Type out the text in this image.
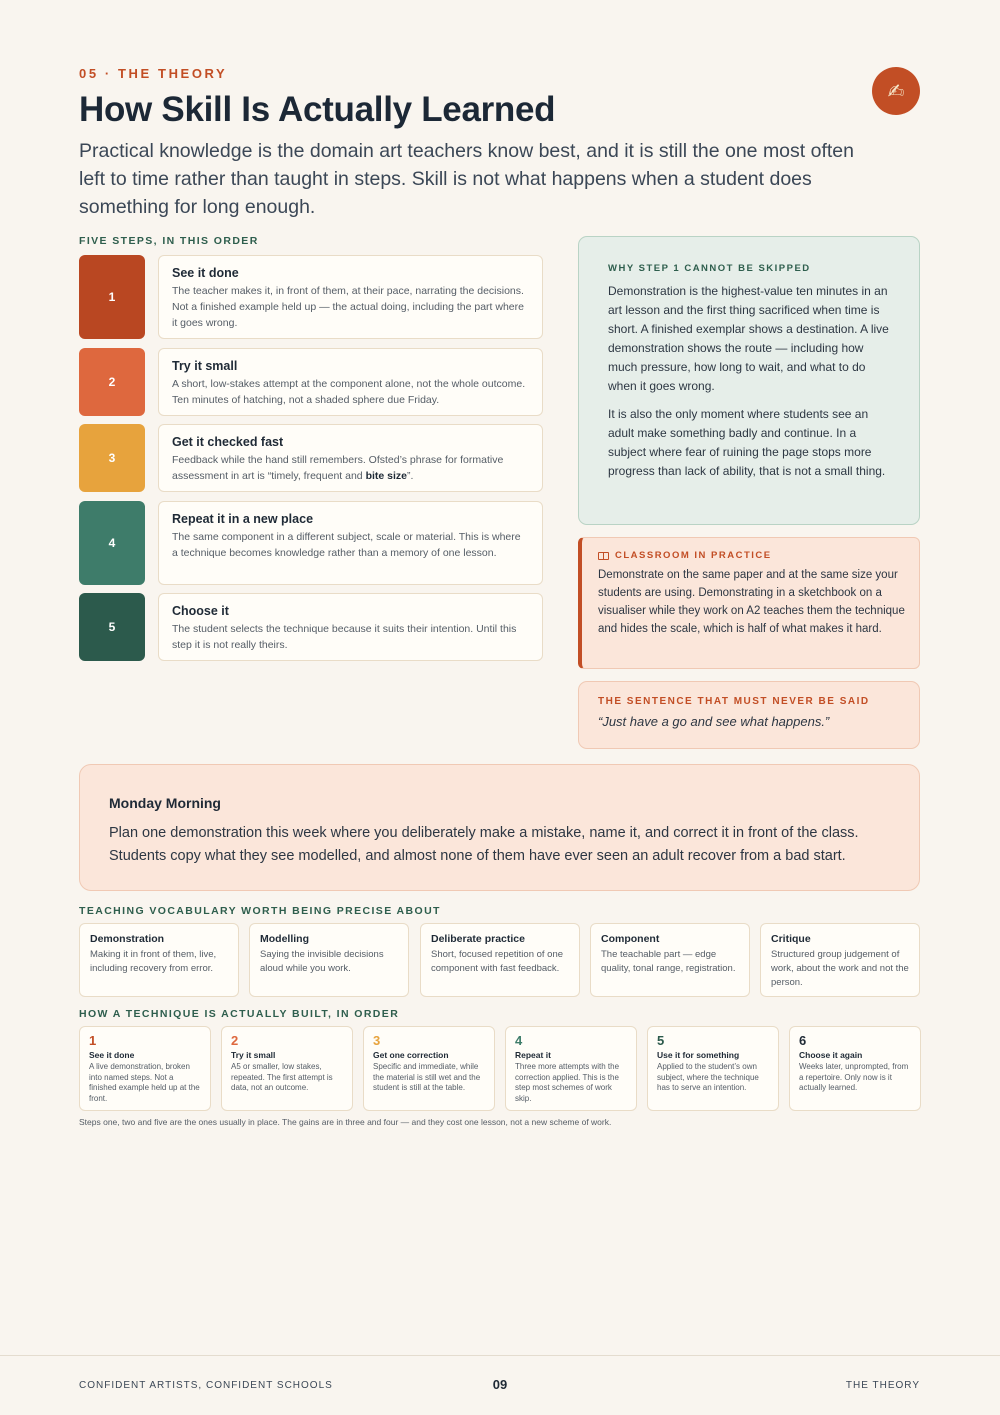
05 · THE THEORY
✍
How Skill Is Actually Learned

Practical knowledge is the domain art teachers know best, and it is still the one most often left to time rather than taught in steps. Skill is not what happens when a student does something for long enough.

FIVE STEPS, IN THIS ORDER
1
See it done
The teacher makes it, in front of them, at their pace, narrating the decisions. Not a finished example held up — the actual doing, including the part where it goes wrong.
2
Try it small
A short, low-stakes attempt at the component alone, not the whole outcome. Ten minutes of hatching, not a shaded sphere due Friday.
3
Get it checked fast
Feedback while the hand still remembers. Ofsted’s phrase for formative assessment in art is “timely, frequent and bite size”.
4
Repeat it in a new place
The same component in a different subject, scale or material. This is where a technique becomes knowledge rather than a memory of one lesson.
5
Choose it
The student selects the technique because it suits their intention. Until this step it is not really theirs.
WHY STEP 1 CANNOT BE SKIPPED

Demonstration is the highest-value ten minutes in an art lesson and the first thing sacrificed when time is short. A finished exemplar shows a destination. A live demonstration shows the route — including how much pressure, how long to wait, and what to do when it goes wrong.

It is also the only moment where students see an adult make something badly and continue. In a subject where fear of ruining the page stops more progress than lack of ability, that is not a small thing.

CLASSROOM IN PRACTICE

Demonstrate on the same paper and at the same size your students are using. Demonstrating in a sketchbook on a visualiser while they work on A2 teaches them the technique and hides the scale, which is half of what makes it hard.

THE SENTENCE THAT MUST NEVER BE SAID
“Just have a go and see what happens.”
Monday Morning

Plan one demonstration this week where you deliberately make a mistake, name it, and correct it in front of the class. Students copy what they see modelled, and almost none of them have ever seen an adult recover from a bad start.

TEACHING VOCABULARY WORTH BEING PRECISE ABOUT
Demonstration
Making it in front of them, live, including recovery from error.
Modelling
Saying the invisible decisions aloud while you work.
Deliberate practice
Short, focused repetition of one component with fast feedback.
Component
The teachable part — edge quality, tonal range, registration.
Critique
Structured group judgement of work, about the work and not the person.
HOW A TECHNIQUE IS ACTUALLY BUILT, IN ORDER
1
See it done
A live demonstration, broken into named steps. Not a finished example held up at the front.
2
Try it small
A5 or smaller, low stakes, repeated. The first attempt is data, not an outcome.
3
Get one correction
Specific and immediate, while the material is still wet and the student is still at the table.
4
Repeat it
Three more attempts with the correction applied. This is the step most schemes of work skip.
5
Use it for something
Applied to the student’s own subject, where the technique has to serve an intention.
6
Choose it again
Weeks later, unprompted, from a repertoire. Only now is it actually learned.
Steps one, two and five are the ones usually in place. The gains are in three and four — and they cost one lesson, not a new scheme of work.
CONFIDENT ARTISTS, CONFIDENT SCHOOLS	09	THE THEORY
